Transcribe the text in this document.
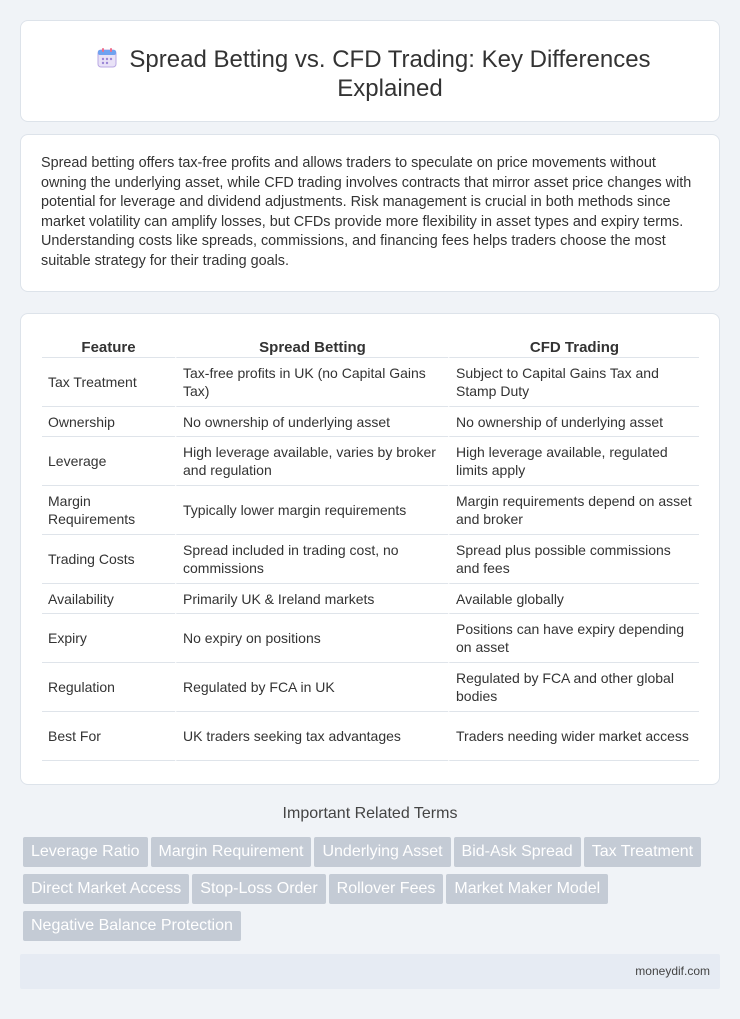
Spread Betting vs. CFD Trading: Key Differences Explained

Spread betting offers tax-free profits and allows traders to speculate on price movements without owning the underlying asset, while CFD trading involves contracts that mirror asset price changes with potential for leverage and dividend adjustments. Risk management is crucial in both methods since market volatility can amplify losses, but CFDs provide more flexibility in asset types and expiry terms. Understanding costs like spreads, commissions, and financing fees helps traders choose the most suitable strategy for their trading goals.

Feature	Spread Betting	CFD Trading
Tax Treatment	Tax-free profits in UK (no Capital Gains Tax)	Subject to Capital Gains Tax and Stamp Duty
Ownership	No ownership of underlying asset	No ownership of underlying asset
Leverage	High leverage available, varies by broker and regulation	High leverage available, regulated limits apply
Margin Requirements	Typically lower margin requirements	Margin requirements depend on asset and broker
Trading Costs	Spread included in trading cost, no commissions	Spread plus possible commissions and fees
Availability	Primarily UK & Ireland markets	Available globally
Expiry	No expiry on positions	Positions can have expiry depending on asset
Regulation	Regulated by FCA in UK	Regulated by FCA and other global bodies
Best For	UK traders seeking tax advantages	Traders needing wider market access
Important Related Terms
Leverage Ratio Margin Requirement Underlying Asset Bid-Ask Spread Tax Treatment
Direct Market Access Stop-Loss Order Rollover Fees Market Maker Model
Negative Balance Protection
moneydif.com
